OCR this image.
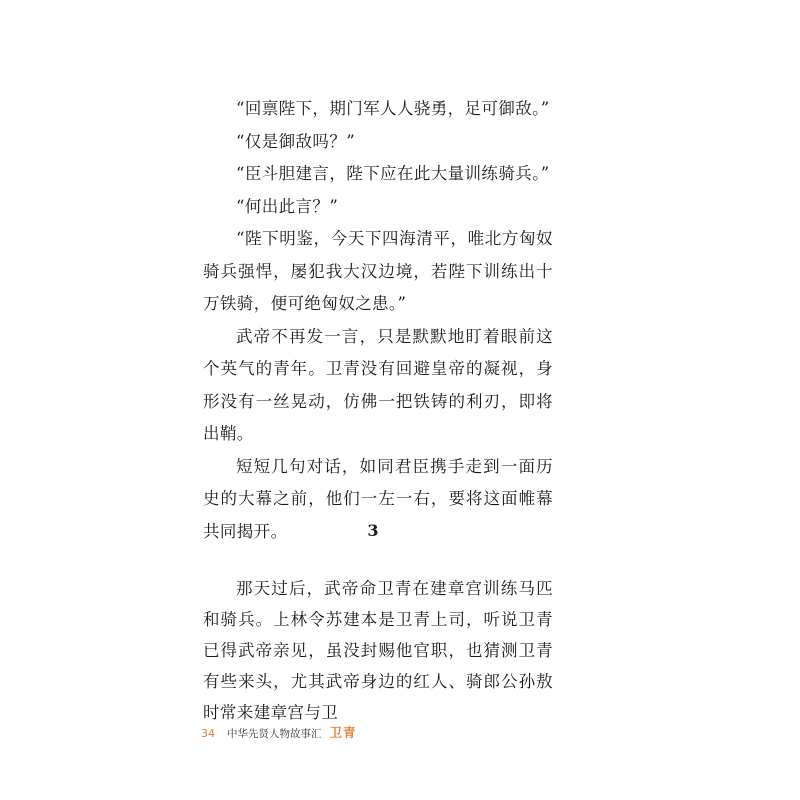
“回禀陛下，期门军人人骁勇，足可御敌。”

“仅是御敌吗？”

“臣斗胆建言，陛下应在此大量训练骑兵。”

“何出此言？”

“陛下明鉴，今天下四海清平，唯北方匈奴骑兵强悍，屡犯我大汉边境，若陛下训练出十万铁骑，便可绝匈奴之患。”

武帝不再发一言，只是默默地盯着眼前这个英气的青年。卫青没有回避皇帝的凝视，身形没有一丝晃动，仿佛一把铁铸的利刃，即将出鞘。

短短几句对话，如同君臣携手走到一面历史的大幕之前，他们一左一右，要将这面帷幕共同揭开。	3

那天过后，武帝命卫青在建章宫训练马匹和骑兵。上林令苏建本是卫青上司，听说卫青已得武帝亲见，虽没封赐他官职，也猜测卫青有些来头，尤其武帝身边的红人、骑郎公孙敖时常来建章宫与卫

34 中华先贤人物故事汇 卫青
